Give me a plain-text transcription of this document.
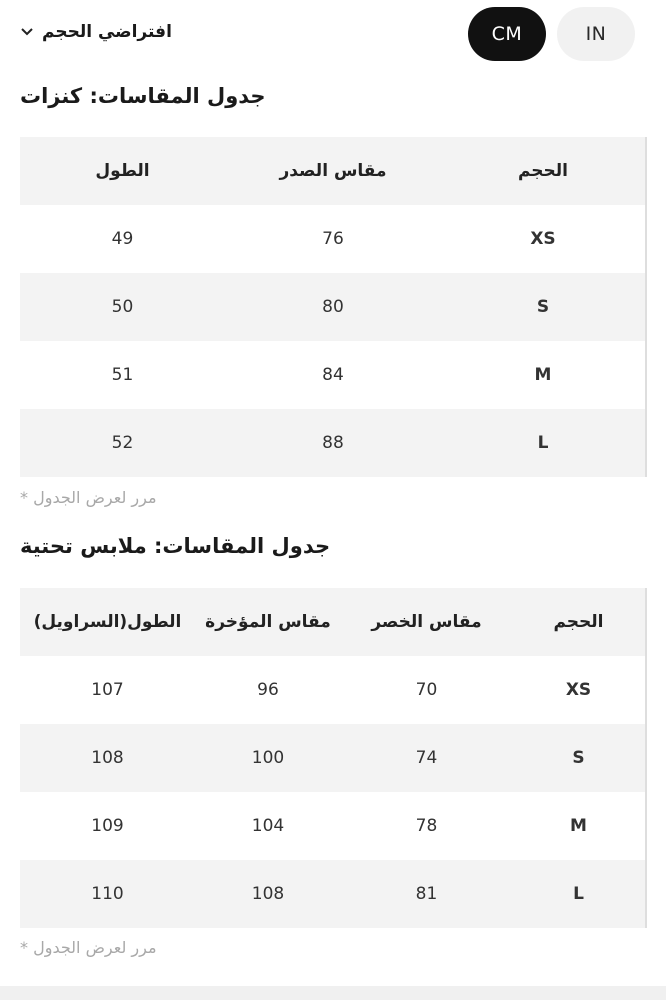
افتراضي الحجم	CM	IN
جدول المقاسات: كنزات
الطول	مقاس الصدر	الحجم
49	76	XS
50	80	S
51	84	M
52	88	L
مرر لعرض الجدول *
جدول المقاسات: ملابس تحتية
الطول(السراويل)	مقاس المؤخرة	مقاس الخصر	الحجم
107	96	70	XS
108	100	74	S
109	104	78	M
110	108	81	L
مرر لعرض الجدول *
